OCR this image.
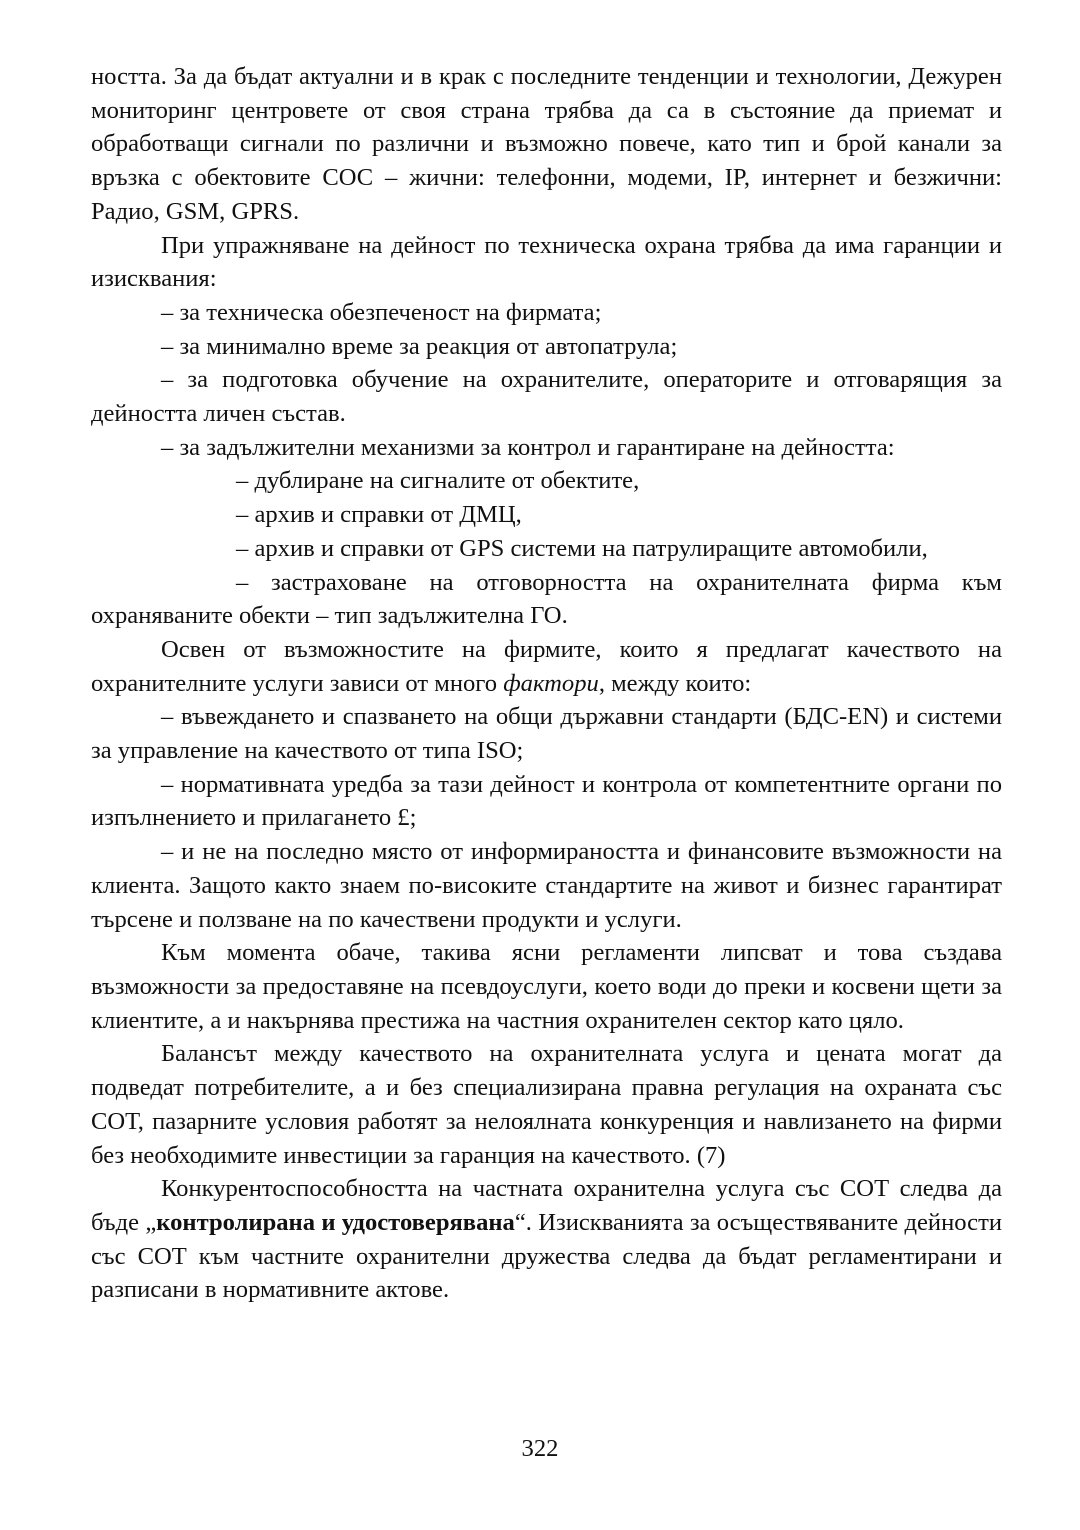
ността. За да бъдат актуални и в крак с последните тенденции и технологии, Дежурен мониторинг центровете от своя страна трябва да са в състояние да приемат и обработващи сигнали по различни и възможно повече, като тип и брой канали за връзка с обектовите СОС – жични: телефонни, модеми, IP, интернет и безжични: Радио, GSM, GPRS.

При упражняване на дейност по техническа охрана трябва да има гаранции и изисквания:

– за техническа обезпеченост на фирмата;

– за минимално време за реакция от автопатрула;

– за подготовка обучение на охранителите, операторите и отговарящия за дейността личен състав.

– за задължителни механизми за контрол и гарантиране на дейността:

– дублиране на сигналите от обектите,

– архив и справки от ДМЦ,

– архив и справки от GPS системи на патрулиращите автомобили,

– застраховане на отговорността на охранителната фирма към охраняваните обекти – тип задължителна ГО.

Освен от възможностите на фирмите, които я предлагат качеството на охранителните услуги зависи от много фактори, между които:

– въвеждането и спазването на общи държавни стандарти (БДС-EN) и системи за управление на качеството от типа ISO;

– нормативната уредба за тази дейност и контрола от компетентните органи по изпълнението и прилагането £;

– и не на последно място от информираността и финансовите възможности на клиента. Защото както знаем по-високите стандартите на живот и бизнес гарантират търсене и ползване на по качествени продукти и услуги.

Към момента обаче, такива ясни регламенти липсват и това създава възможности за предоставяне на псевдоуслуги, което води до преки и косвени щети за клиентите, а и накърнява престижа на частния охранителен сектор като цяло.

Балансът между качеството на охранителната услуга и цената могат да подведат потребителите, а и без специализирана правна регулация на охраната със СОТ, пазарните условия работят за нелоялната конкуренция и навлизането на фирми без необходимите инвестиции за гаранция на качеството. (7)

Конкурентоспособността на частната охранителна услуга със СОТ следва да бъде „контролирана и удостоверявана“. Изискванията за осъществяваните дейности със СОТ към частните охранителни дружества следва да бъдат регламентирани и разписани в нормативните актове.

322
